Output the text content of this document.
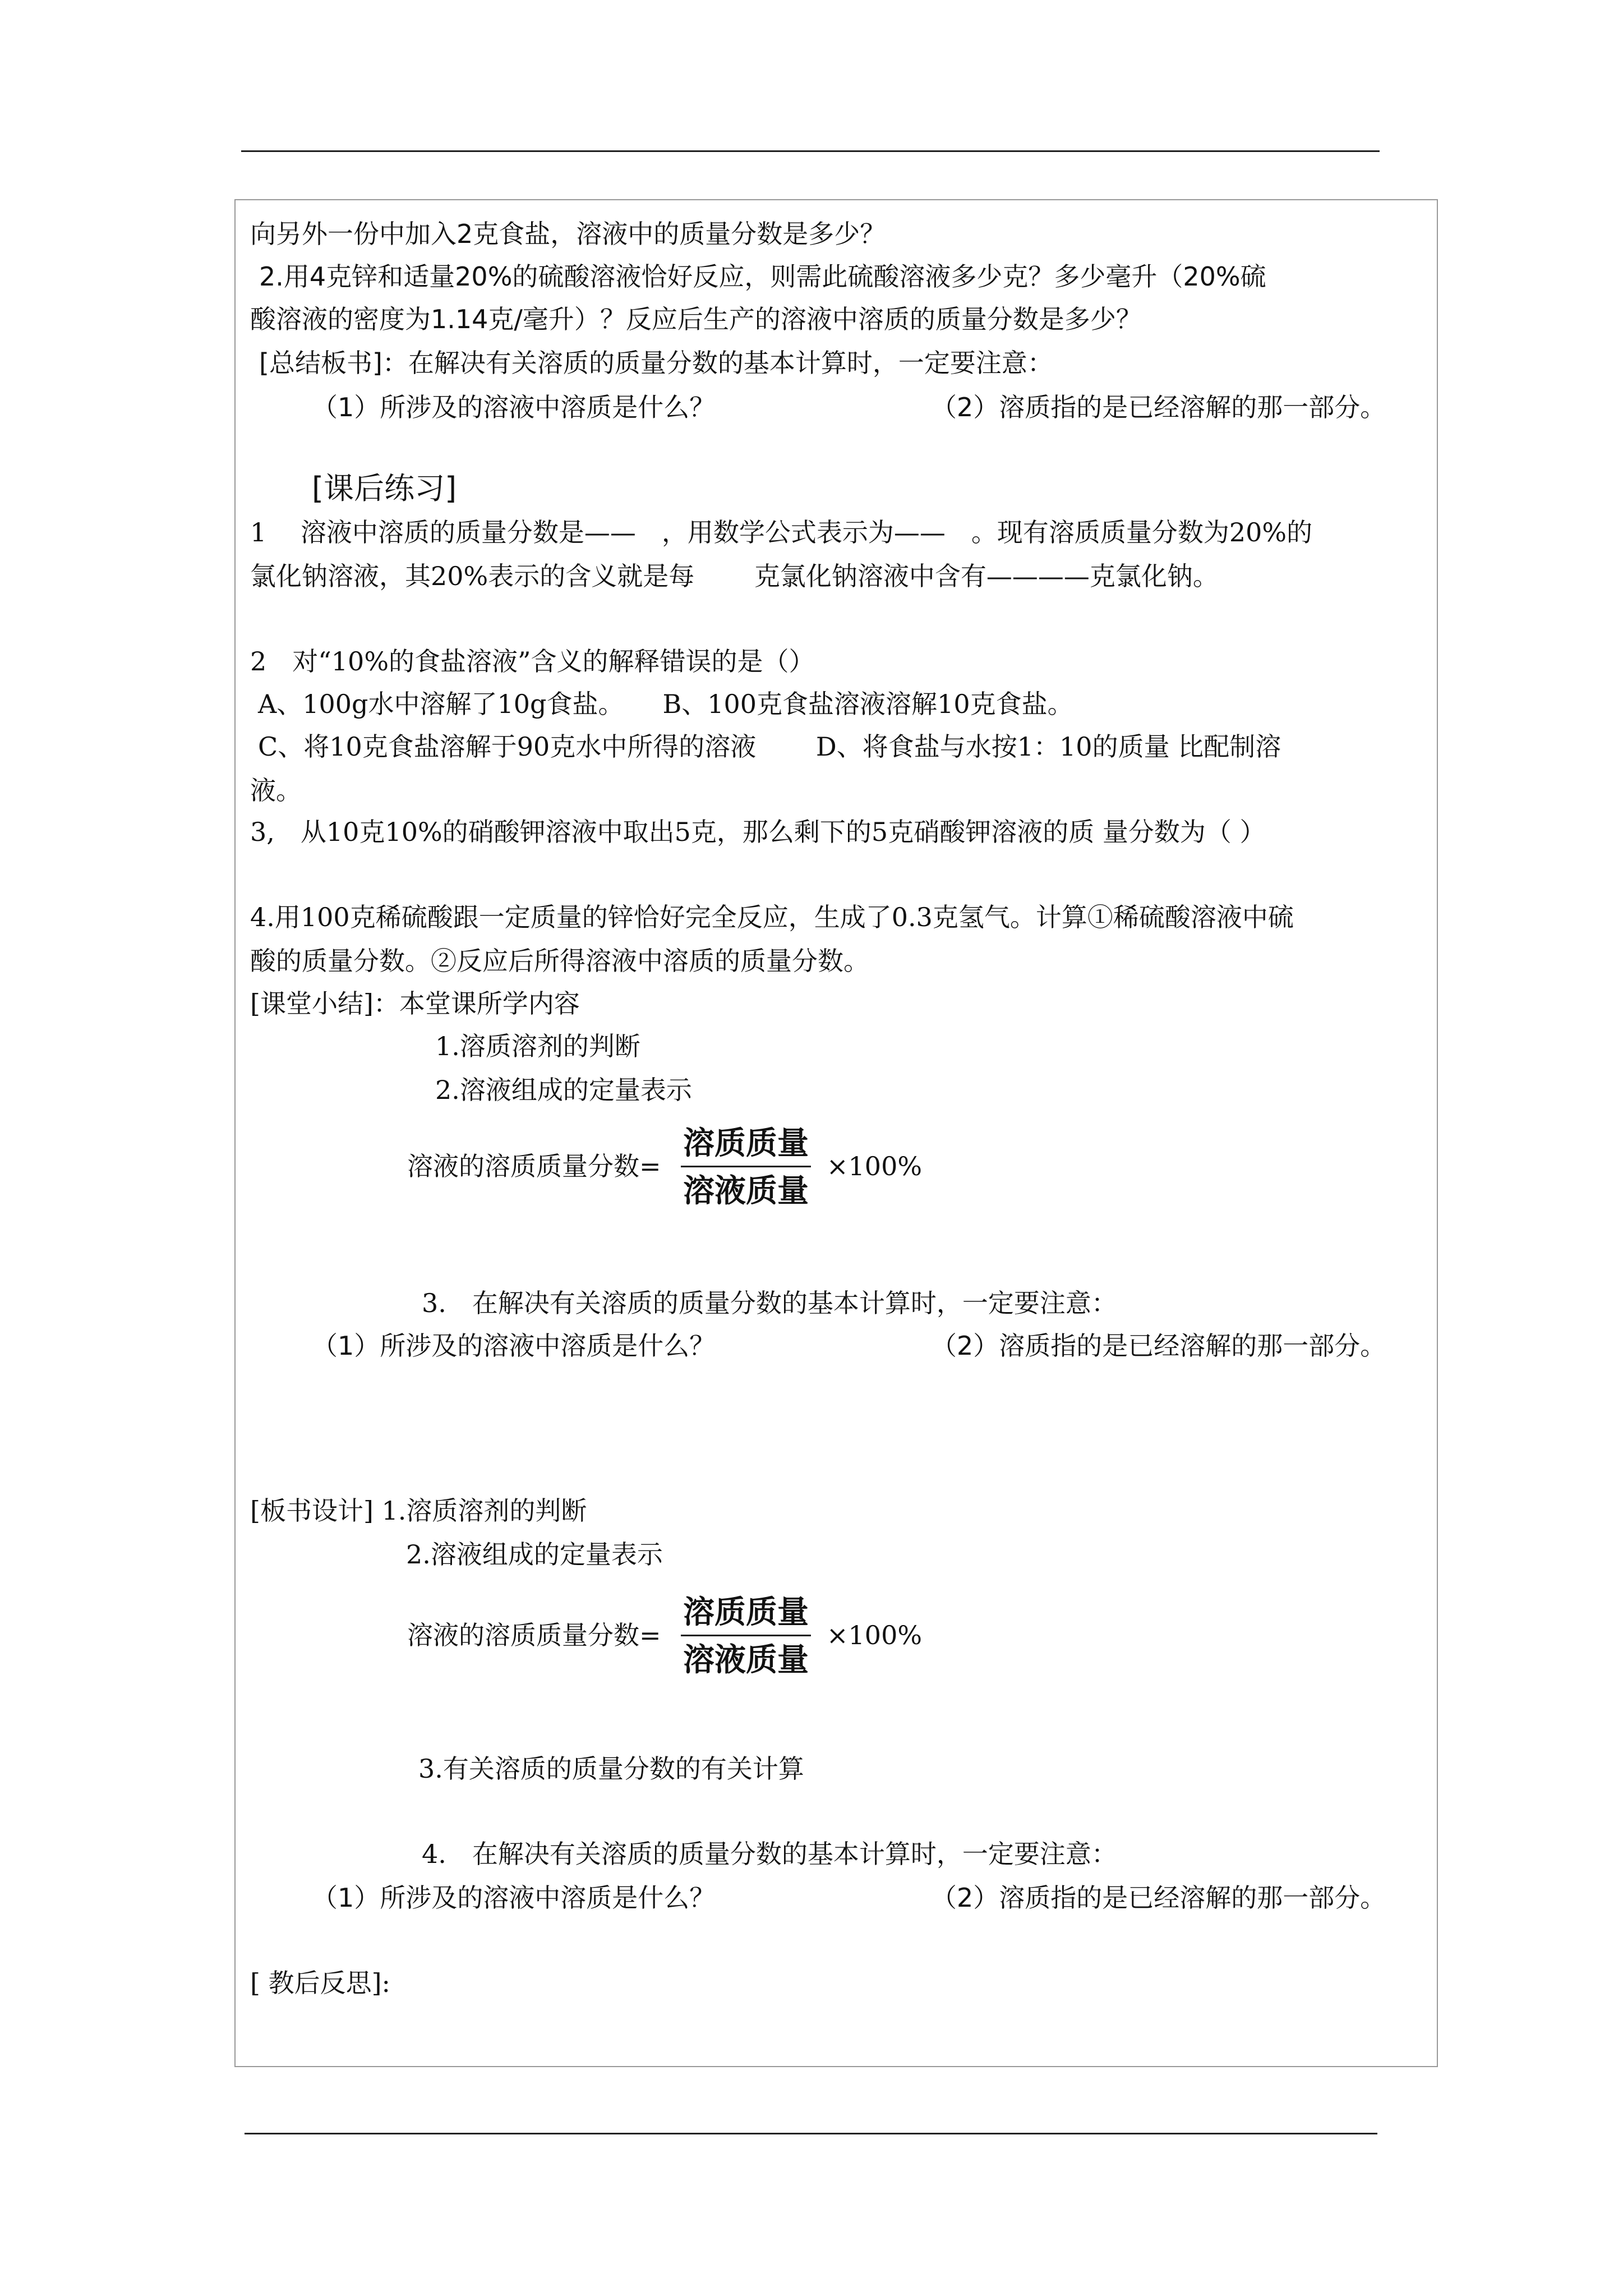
向另外一份中加入2克食盐，溶液中的质量分数是多少？
2.用4克锌和适量20%的硫酸溶液恰好反应，则需此硫酸溶液多少克？多少毫升（20%硫
酸溶液的密度为1.14克/毫升）？反应后生产的溶液中溶质的质量分数是多少？
[总结板书]：在解决有关溶质的质量分数的基本计算时，一定要注意：
（1）所涉及的溶液中溶质是什么？	（2）溶质指的是已经溶解的那一部分。
[课后练习]
1　 溶液中溶质的质量分数是——　，用数学公式表示为——　。现有溶质质量分数为20%的
氯化钠溶液，其20%表示的含义就是每　　 克氯化钠溶液中含有————克氯化钠。
2　对“10%的食盐溶液”含义的解释错误的是（）
A、100g水中溶解了10g食盐。　　B、100克食盐溶液溶解10克食盐。
C、将10克食盐溶解于90克水中所得的溶液　　 D、将食盐与水按1：10的质量 比配制溶
液。
3,　从10克10%的硝酸钾溶液中取出5克，那么剩下的5克硝酸钾溶液的质 量分数为（ ）
4.用100克稀硫酸跟一定质量的锌恰好完全反应，生成了0.3克氢气。计算①稀硫酸溶液中硫
酸的质量分数。②反应后所得溶液中溶质的质量分数。
[课堂小结]：本堂课所学内容
1.溶质溶剂的判断
2.溶液组成的定量表示
溶液的溶质质量分数=
溶质质量
溶液质量
×100%
3.　在解决有关溶质的质量分数的基本计算时，一定要注意：
（1）所涉及的溶液中溶质是什么？	（2）溶质指的是已经溶解的那一部分。
[板书设计] 1.溶质溶剂的判断
2.溶液组成的定量表示
溶液的溶质质量分数=
溶质质量
溶液质量
×100%
3.有关溶质的质量分数的有关计算
4.　在解决有关溶质的质量分数的基本计算时，一定要注意：
（1）所涉及的溶液中溶质是什么？	（2）溶质指的是已经溶解的那一部分。
[ 教后反思]:
